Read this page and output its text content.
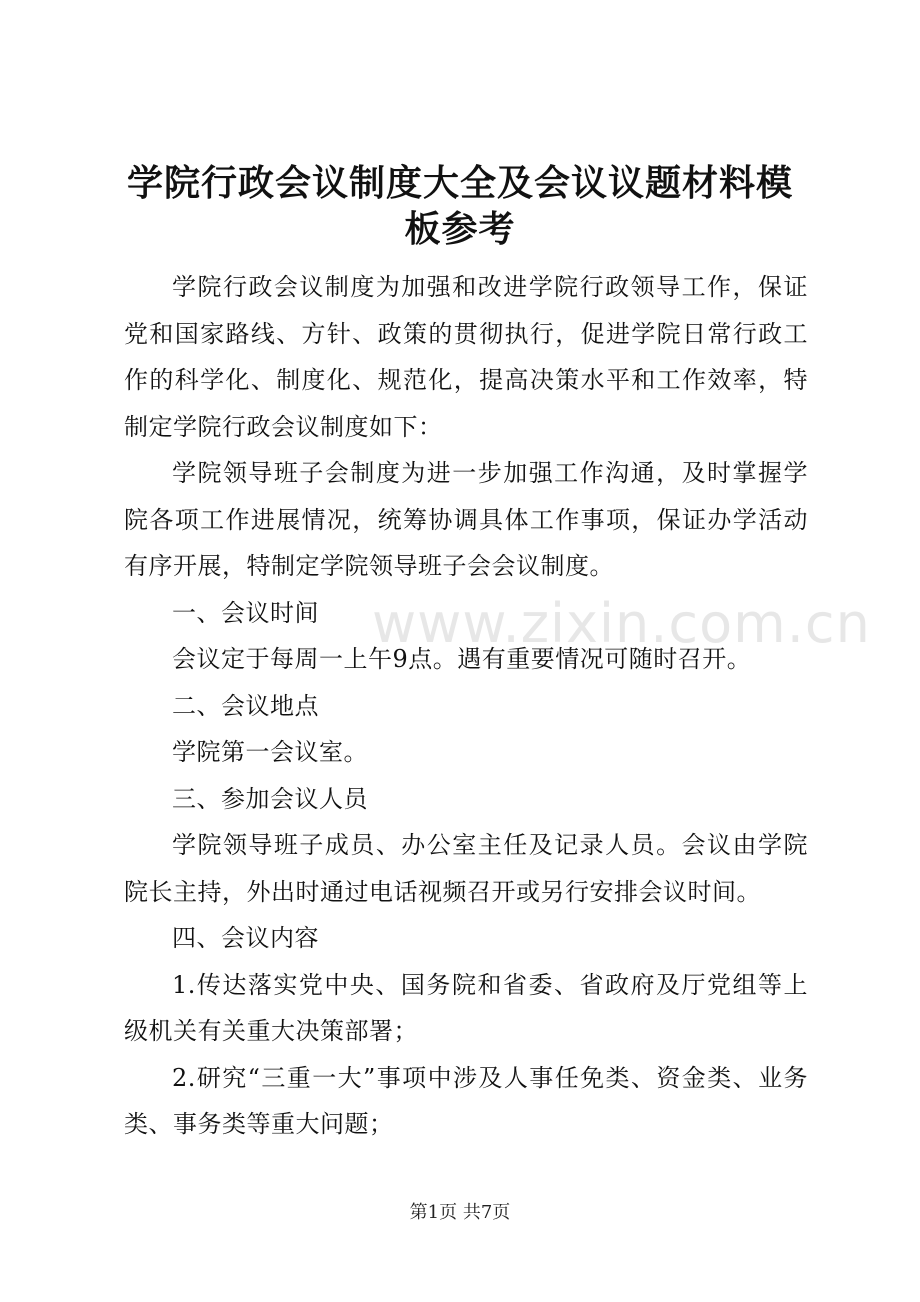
学院行政会议制度大全及会议议题材料模板参考

学院行政会议制度为加强和改进学院行政领导工作，保证党和国家路线、方针、政策的贯彻执行，促进学院日常行政工作的科学化、制度化、规范化，提高决策水平和工作效率，特制定学院行政会议制度如下：

学院领导班子会制度为进一步加强工作沟通，及时掌握学院各项工作进展情况，统筹协调具体工作事项，保证办学活动有序开展，特制定学院领导班子会会议制度。

一、会议时间

会议定于每周一上午9点。遇有重要情况可随时召开。

二、会议地点

学院第一会议室。

三、参加会议人员

学院领导班子成员、办公室主任及记录人员。会议由学院院长主持，外出时通过电话视频召开或另行安排会议时间。

四、会议内容

1.传达落实党中央、国务院和省委、省政府及厅党组等上级机关有关重大决策部署；

2.研究“三重一大”事项中涉及人事任免类、资金类、业务类、事务类等重大问题；

www.zixin.com.cn
第1页 共7页
